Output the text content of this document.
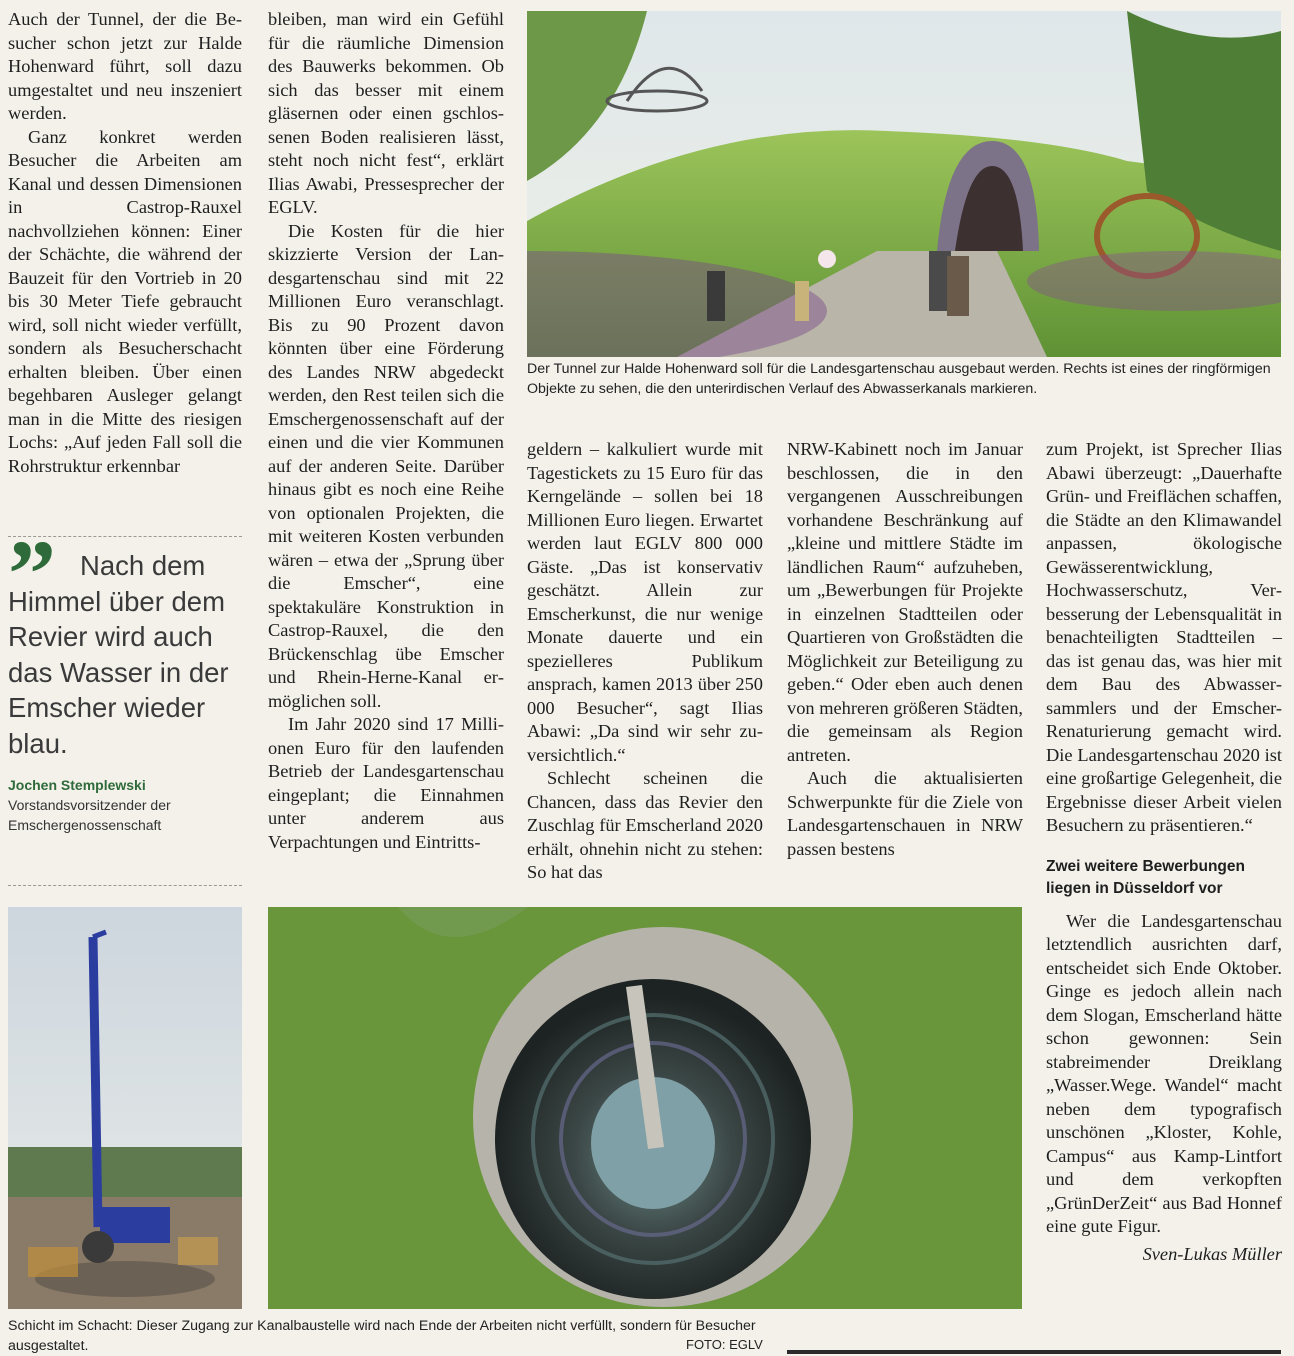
Auch der Tunnel, der die Besucher schon jetzt zur Halde Hohenward führt, soll dazu umgestaltet und neu inszeniert werden.

Ganz konkret werden Besucher die Arbeiten am Kanal und dessen Dimensionen in Castrop-Rauxel nachvollziehen können: Einer der Schächte, die während der Bauzeit für den Vortrieb in 20 bis 30 Meter Tiefe gebraucht wird, soll nicht wieder verfüllt, sondern als Besucherschacht erhalten bleiben. Über einen begehbaren Ausleger gelangt man in die Mitte des riesigen Lochs: „Auf jeden Fall soll die Rohrstruktur erkennbar

” Nach dem Himmel über dem Revier wird auch das Wasser in der Emscher wieder blau.
Jochen Stemplewski
Vorstandsvorsitzender der Emschergenossenschaft

bleiben, man wird ein Gefühl für die räumliche Dimension des Bauwerks bekommen. Ob sich das besser mit einem gläsernen oder einen gschlossenen Boden realisieren lässt, steht noch nicht fest“, erklärt Ilias Awabi, Pressesprecher der EGLV.

Die Kosten für die hier skizzierte Version der Landesgartenschau sind mit 22 Millionen Euro veranschlagt. Bis zu 90 Prozent davon könnten über eine Förderung des Landes NRW abgedeckt werden, den Rest teilen sich die Emschergenossenschaft auf der einen und die vier Kommunen auf der anderen Seite. Darüber hinaus gibt es noch eine Reihe von optionalen Projekten, die mit weiteren Kosten verbunden wären – etwa der „Sprung über die Emscher“, eine spektakuläre Konstruktion in Castrop-Rauxel, die den Brückenschlag übe Emscher und Rhein-Herne-Kanal ermöglichen soll.

Im Jahr 2020 sind 17 Millionen Euro für den laufenden Betrieb der Landesgartenschau eingeplant; die Einnahmen unter anderem aus Verpachtungen und Eintritts-

Der Tunnel zur Halde Hohenward soll für die Landesgartenschau ausgebaut werden. Rechts ist eines der ringförmigen Objekte zu sehen, die den unterirdischen Verlauf des Abwasserkanals markieren.

geldern – kalkuliert wurde mit Tagestickets zu 15 Euro für das Kerngelände – sollen bei 18 Millionen Euro liegen. Erwartet werden laut EGLV 800 000 Gäste. „Das ist konservativ geschätzt. Allein zur Emscherkunst, die nur wenige Monate dauerte und ein spezielleres Publikum ansprach, kamen 2013 über 250 000 Besucher“, sagt Ilias Abawi: „Da sind wir sehr zuversichtlich.“

Schlecht scheinen die Chancen, dass das Revier den Zuschlag für Emscherland 2020 erhält, ohnehin nicht zu stehen: So hat das

NRW-Kabinett noch im Januar beschlossen, die in den vergangenen Ausschreibungen vorhandene Beschränkung auf „kleine und mittlere Städte im ländlichen Raum“ aufzuheben, um „Bewerbungen für Projekte in einzelnen Stadtteilen oder Quartieren von Großstädten die Möglichkeit zur Beteiligung zu geben.“ Oder eben auch denen von mehreren größeren Städten, die gemeinsam als Region antreten.

Auch die aktualisierten Schwerpunkte für die Ziele von Landesgartenschauen in NRW passen bestens

zum Projekt, ist Sprecher Ilias Abawi überzeugt: „Dauerhafte Grün- und Freiflächen schaffen, die Städte an den Klimawandel anpassen, ökologische Gewässerentwicklung, Hochwasserschutz, Verbesserung der Lebensqualität in benachteiligten Stadtteilen – das ist genau das, was hier mit dem Bau des Abwassersammlers und der Emscher-Renaturierung gemacht wird. Die Landesgartenschau 2020 ist eine großartige Gelegenheit, die Ergebnisse dieser Arbeit vielen Besuchern zu präsentieren.“

Zwei weitere Bewerbungen liegen in Düsseldorf vor

Wer die Landesgartenschau letztendlich ausrichten darf, entscheidet sich Ende Oktober. Ginge es jedoch allein nach dem Slogan, Emscherland hätte schon gewonnen: Sein stabreimender Dreiklang „Wasser.Wege. Wandel“ macht neben dem typografisch unschönen „Kloster, Kohle, Campus“ aus Kamp-Lintfort und dem verkopften „GrünDerZeit“ aus Bad Honnef eine gute Figur.

Sven-Lukas Müller
Schicht im Schacht: Dieser Zugang zur Kanalbaustelle wird nach Ende der Arbeiten nicht verfüllt, sondern für Besucher ausgestaltet.	FOTO: EGLV
